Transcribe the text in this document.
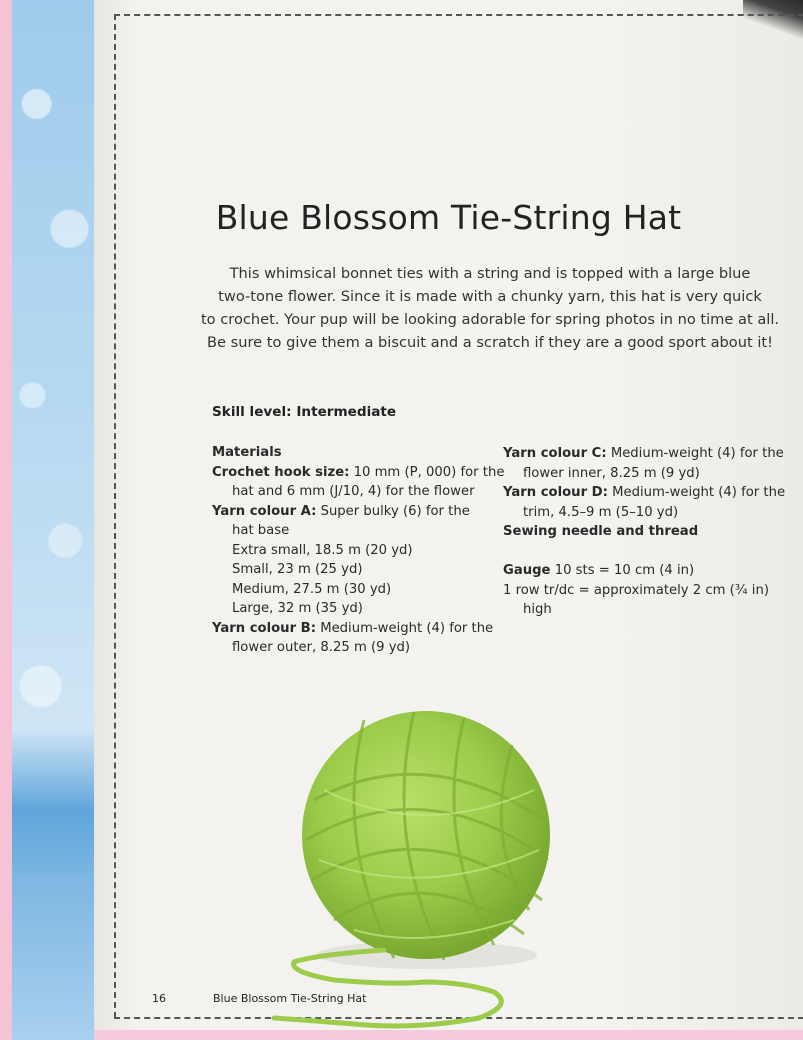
Blue Blossom Tie-String Hat

This whimsical bonnet ties with a string and is topped with a large blue

two-tone flower. Since it is made with a chunky yarn, this hat is very quick

to crochet. Your pup will be looking adorable for spring photos in no time at all.

Be sure to give them a biscuit and a scratch if they are a good sport about it!

Skill level: Intermediate
Materials
Crochet hook size: 10 mm (P, 000) for the
hat and 6 mm (J/10, 4) for the flower
Yarn colour A: Super bulky (6) for the
hat base
Extra small, 18.5 m (20 yd)
Small, 23 m (25 yd)
Medium, 27.5 m (30 yd)
Large, 32 m (35 yd)
Yarn colour B: Medium-weight (4) for the
flower outer, 8.25 m (9 yd)
Yarn colour C: Medium-weight (4) for the
flower inner, 8.25 m (9 yd)
Yarn colour D: Medium-weight (4) for the
trim, 4.5–9 m (5–10 yd)
Sewing needle and thread
Gauge 10 sts = 10 cm (4 in)
1 row tr/dc = approximately 2 cm (¾ in)
high
16	Blue Blossom Tie-String Hat
